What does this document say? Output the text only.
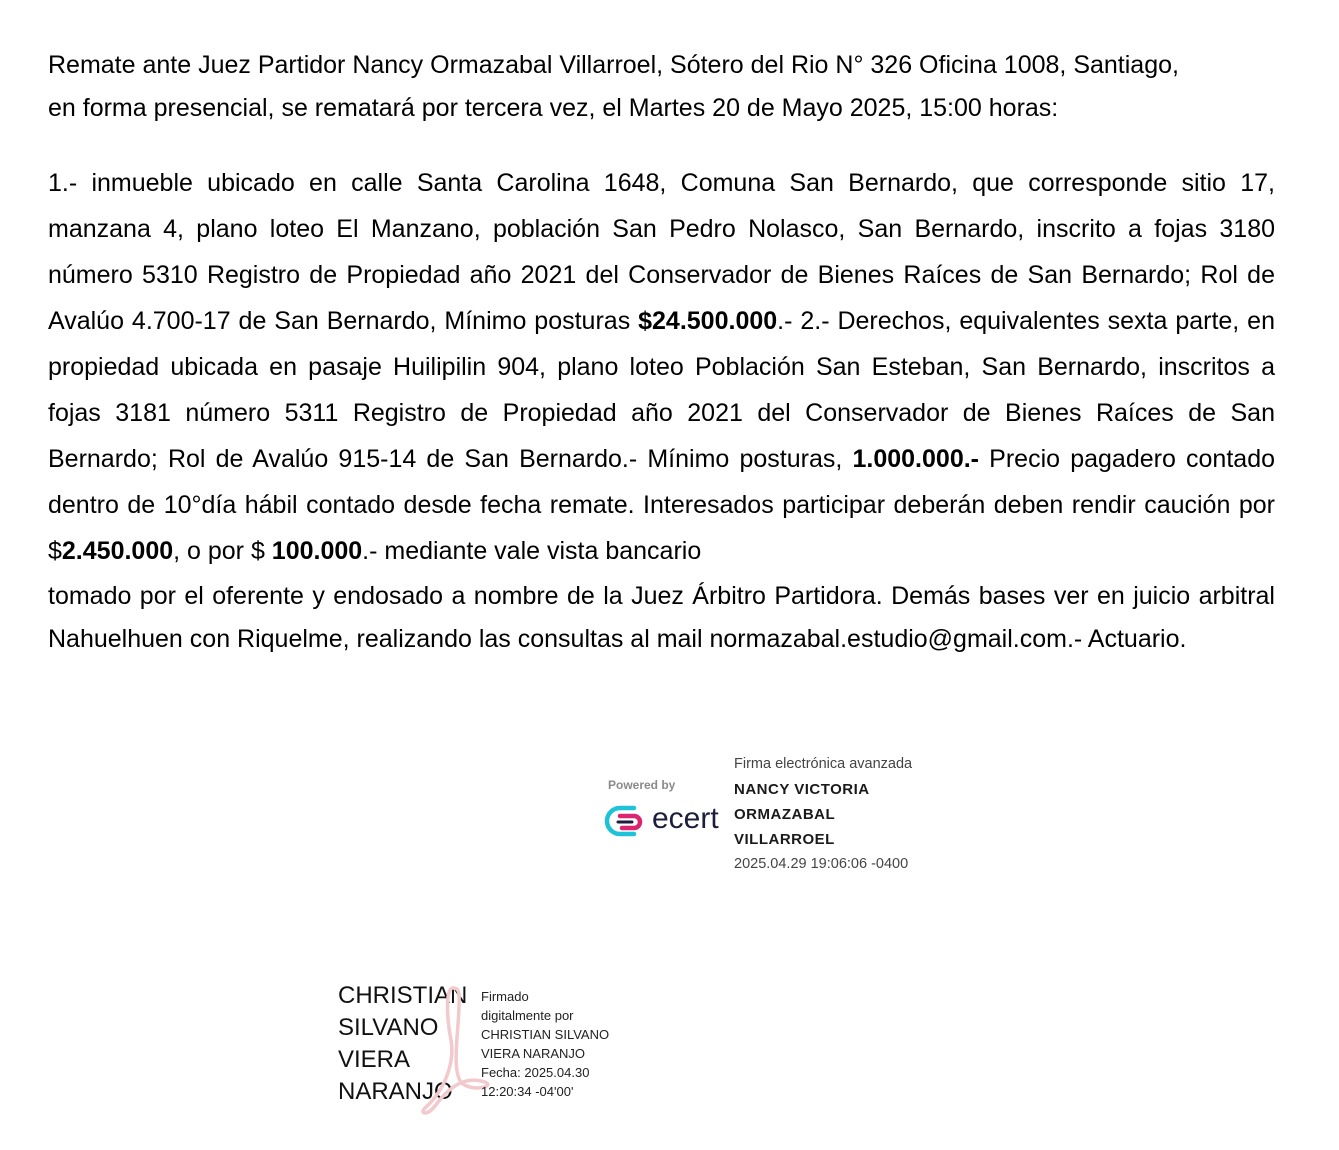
Remate ante Juez Partidor Nancy Ormazabal Villarroel, Sótero del Rio N° 326 Oficina 1008, Santiago,
en forma presencial, se rematará por tercera vez, el Martes 20 de Mayo 2025, 15:00 horas:

1.- inmueble ubicado en calle Santa Carolina 1648, Comuna San Bernardo, que corresponde sitio 17, manzana 4, plano loteo El Manzano, población San Pedro Nolasco, San Bernardo, inscrito a fojas 3180 número 5310 Registro de Propiedad año 2021 del Conservador de Bienes Raíces de San Bernardo; Rol de Avalúo 4.700-17 de San Bernardo, Mínimo posturas $24.500.000.- 2.- Derechos, equivalentes sexta parte, en propiedad ubicada en pasaje Huilipilin 904, plano loteo Población San Esteban, San Bernardo, inscritos a fojas 3181 número 5311 Registro de Propiedad año 2021 del Conservador de Bienes Raíces de San Bernardo; Rol de Avalúo 915-14 de San Bernardo.- Mínimo posturas, 1.000.000.- Precio pagadero contado dentro de 10°día hábil contado desde fecha remate. Interesados participar deberán deben rendir caución por $2.450.000, o por $ 100.000.- mediante vale vista bancario
tomado por el oferente y endosado a nombre de la Juez Árbitro Partidora. Demás bases ver en juicio arbitral Nahuelhuen con Riquelme, realizando las consultas al mail normazabal.estudio@gmail.com.- Actuario.

Powered by
ecert
Firma electrónica avanzada
NANCY VICTORIA
ORMAZABAL
VILLARROEL
2025.04.29 19:06:06 -0400
CHRISTIAN
SILVANO
VIERA
NARANJO
Firmado
digitalmente por
CHRISTIAN SILVANO
VIERA NARANJO
Fecha: 2025.04.30
12:20:34 -04'00'
